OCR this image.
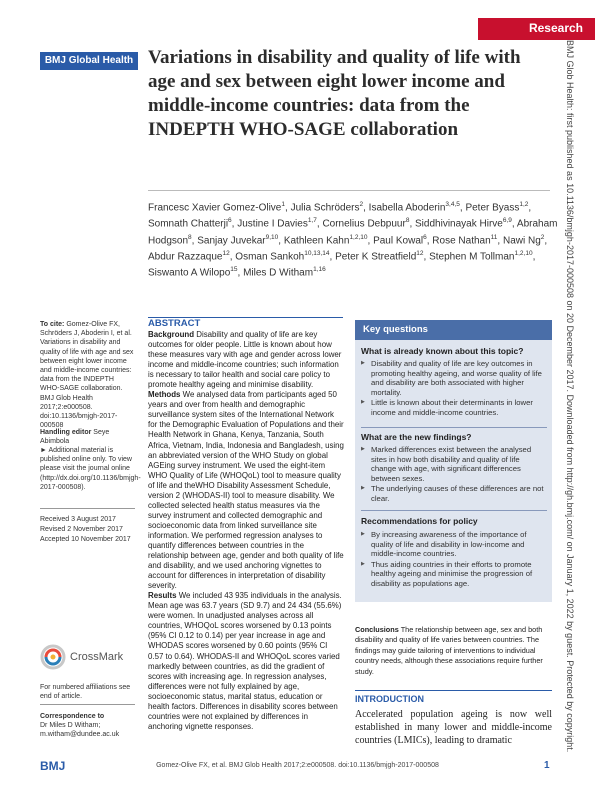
Research
BMJ Global Health Variations in disability and quality of life with age and sex between eight lower income and middle-income countries: data from the INDEPTH WHO-SAGE collaboration
Francesc Xavier Gomez-Olive$^1$, Julia Schröders$^2$, Isabella Aboderin$^{3,4,5}$, Peter Byass$^{1,2}$, Somnath Chatterji$^6$, Justine I Davies$^{1,7}$, Cornelius Debpuur$^8$, Siddhivinayak Hirve$^{6,9}$, Abraham Hodgson$^8$, Sanjay Juvekar$^{9,10}$, Kathleen Kahn$^{1,2,10}$, Paul Kowal$^6$, Rose Nathan$^{11}$, Nawi Ng$^2$, Abdur Razzaque$^{12}$, Osman Sankoh$^{10,13,14}$, Peter K Streatfield$^{12}$, Stephen M Tollman$^{1,2,10}$, Siswanto A Wilopo$^{15}$, Miles D Witham$^{1,16}$	BMJ Glob Health: first published as 10.1136/bmjgh-2017-000508 on 20 December 2017. Downloaded from http://gh.bmj.com/ on January 1, 2022 by guest. Protected by copyright.
To cite: Gomez-Olive FX, Schröders J, Aboderin I, et al. Variations in disability and quality of life with age and sex between eight lower income and middle-income countries: data from the INDEPTH WHO-SAGE collaboration. BMJ Glob Health 2017;2:e000508. doi:10.1136/bmjgh-2017-000508
Handling editor Seye Abimbola
► Additional material is published online only. To view please visit the journal online (http://dx.doi.org/10.1136/bmjgh-2017-000508).
Received 3 August 2017
Revised 2 November 2017
Accepted 10 November 2017
CrossMark
For numbered affiliations see end of article.
Correspondence to
Dr Miles D Witham;
m.witham@dundee.ac.uk
ABSTRACT
Background Disability and quality of life are key outcomes for older people. Little is known about how these measures vary with age and gender across lower income and middle-income countries; such information is necessary to tailor health and social care policy to promote healthy ageing and minimise disability.
Methods We analysed data from participants aged 50 years and over from health and demographic surveillance system sites of the International Network for the Demographic Evaluation of Populations and their Health Network in Ghana, Kenya, Tanzania, South Africa, Vietnam, India, Indonesia and Bangladesh, using an abbreviated version of the WHO Study on global AGEing survey instrument. We used the eight-item WHO Quality of Life (WHOQoL) tool to measure quality of life and theWHO Disability Assessment Schedule, version 2 (WHODAS-II) tool to measure disability. We collected selected health status measures via the survey instrument and collected demographic and socioeconomic data from linked surveillance site information. We performed regression analyses to quantify differences between countries in the relationship between age, gender and both quality of life and disability, and we used anchoring vignettes to account for differences in interpretation of disability severity.
Results We included 43 935 individuals in the analysis. Mean age was 63.7 years (SD 9.7) and 24 434 (55.6%) were women. In unadjusted analyses across all countries, WHOQoL scores worsened by 0.13 points (95% CI 0.12 to 0.14) per year increase in age and WHODAS scores worsened by 0.60 points (95% CI 0.57 to 0.64). WHODAS-II and WHOQoL scores varied markedly between countries, as did the gradient of scores with increasing age. In regression analyses, differences were not fully explained by age, socioeconomic status, marital status, education or health factors. Differences in disability scores between countries were not explained by differences in anchoring vignette responses.
Key questions
What is already known about this topic?
▶ Disability and quality of life are key outcomes in promoting healthy ageing, and worse quality of life and disability are both associated with higher mortality.
▶ Little is known about their determinants in lower income and middle-income countries.
What are the new findings?
▶ Marked differences exist between the analysed sites in how both disability and quality of life change with age, with significant differences between sexes.
▶ The underlying causes of these differences are not clear.
Recommendations for policy
▶ By increasing awareness of the importance of quality of life and disability in low-income and middle-income countries.
▶ Thus aiding countries in their efforts to promote healthy ageing and minimise the progression of disability as populations age.
Conclusions The relationship between age, sex and both disability and quality of life varies between countries. The findings may guide tailoring of interventions to individual country needs, although these associations require further study.
INTRODUCTION
Accelerated population ageing is now well established in many lower and middle-income countries (LMICs), leading to dramatic
Gomez-Olive FX, et al. BMJ Glob Health 2017;2:e000508. doi:10.1136/bmjgh-2017-000508
BMJ	1
